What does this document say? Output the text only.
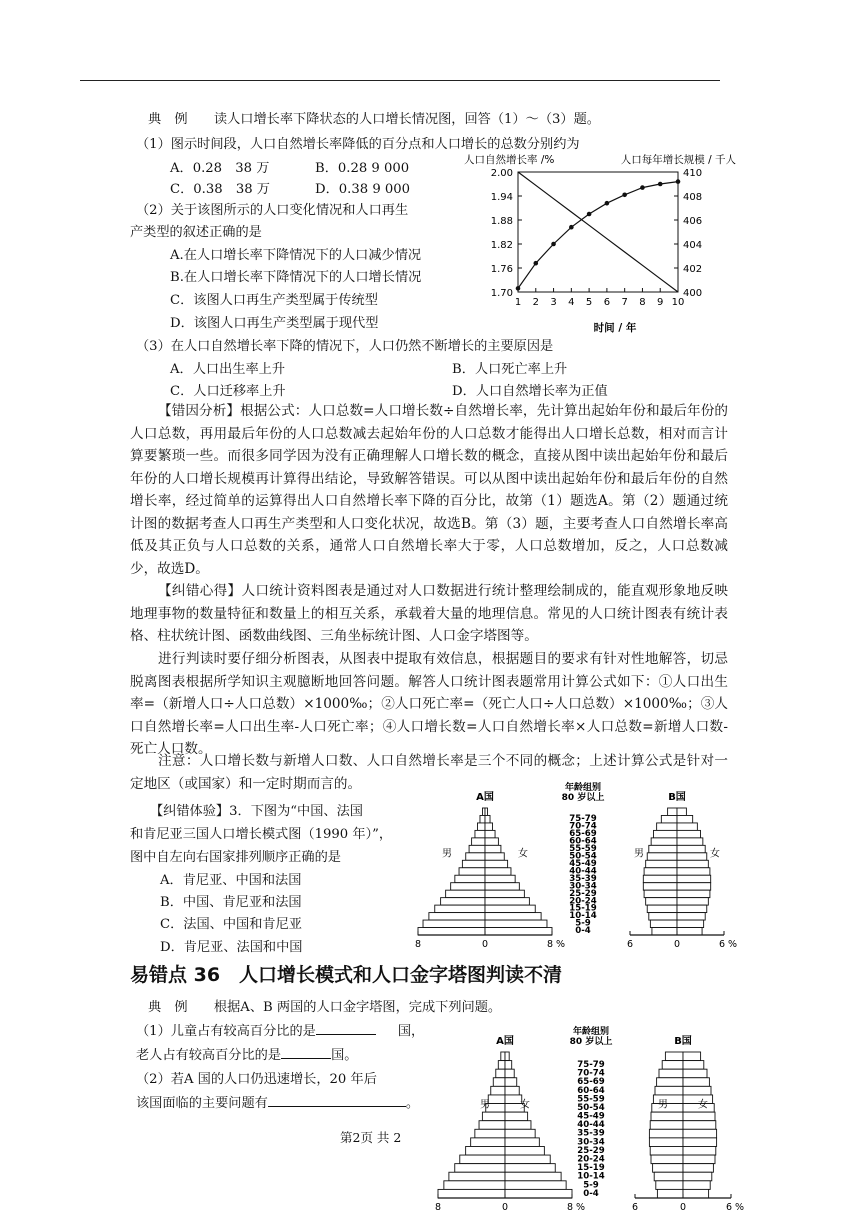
典　例　　读人口增长率下降状态的人口增长情况图，回答（1）～（3）题。
（1）图示时间段，人口自然增长率降低的百分点和人口增长的总数分别约为
A．0.28　38 万	B．0.28 9 000
C．0.38　38 万	D．0.38 9 000
（2）关于该图所示的人口变化情况和人口再生
产类型的叙述正确的是
A.在人口增长率下降情况下的人口减少情况
B.在人口增长率下降情况下的人口增长情况
C．该图人口再生产类型属于传统型
D．该图人口再生产类型属于现代型
（3）在人口自然增长率下降的情况下，人口仍然不断增长的主要原因是
A．人口出生率上升	B．人口死亡率上升
C．人口迁移率上升	D．人口自然增长率为正值
人口自然增长率 /%	人口每年增长规模 / 千人
时间 / 年
2.00
1.94
1.88
1.82
1.76
1.70
410
408
406
404
402
400
1 2 3 4 5 6 7 8 9 10
【错因分析】根据公式：人口总数=人口增长数÷自然增长率，先计算出起始年份和最后年份的人口总数，再用最后年份的人口总数减去起始年份的人口总数才能得出人口增长总数，相对而言计算要繁琐一些。而很多同学因为没有正确理解人口增长数的概念，直接从图中读出起始年份和最后年份的人口增长规模再计算得出结论，导致解答错误。可以从图中读出起始年份和最后年份的自然增长率，经过简单的运算得出人口自然增长率下降的百分比，故第（1）题选A。第（2）题通过统计图的数据考查人口再生产类型和人口变化状况，故选B。第（3）题，主要考查人口自然增长率高低及其正负与人口总数的关系，通常人口自然增长率大于零，人口总数增加，反之，人口总数减少，故选D。
【纠错心得】人口统计资料图表是通过对人口数据进行统计整理绘制成的，能直观形象地反映地理事物的数量特征和数量上的相互关系，承载着大量的地理信息。常见的人口统计图表有统计表格、柱状统计图、函数曲线图、三角坐标统计图、人口金字塔图等。
进行判读时要仔细分析图表，从图表中提取有效信息，根据题目的要求有针对性地解答，切忌脱离图表根据所学知识主观臆断地回答问题。解答人口统计图表题常用计算公式如下：①人口出生率=（新增人口÷人口总数）×1000‰；②人口死亡率=（死亡人口÷人口总数）×1000‰；③人口自然增长率=人口出生率-人口死亡率；④人口增长数=人口自然增长率×人口总数=新增人口数-死亡人口数。
注意：人口增长数与新增人口数、人口自然增长率是三个不同的概念；上述计算公式是针对一定地区（或国家）和一定时期而言的。
【纠错体验】3．下图为“中国、法国
和肯尼亚三国人口增长模式图（1990 年）”，
图中自左向右国家排列顺序正确的是
A．肯尼亚、中国和法国
B．中国、肯尼亚和法国
C．法国、中国和肯尼亚
D．肯尼亚、法国和中国
A国
8	0	8 %
男	女
B国
6	0	6 %
男	女
年龄组别
80 岁以上
75-79
70-74
65-69
60-64
55-59
50-54
45-49
40-44
35-39
30-34
25-29
20-24
15-19
10-14
5-9
0-4
易错点 36　人口增长模式和人口金字塔图判读不清
典　例　　根据A、B 两国的人口金字塔图，完成下列问题。
（1）儿童占有较高百分比的是	国，
老人占有较高百分比的是	国。
（2）若A 国的人口仍迅速增长，20 年后
该国面临的主要问题有	。
A国
8	0	8 %
男	女
B国
6	0	6 %
男	女
年龄组别
80 岁以上
75-79
70-74
65-69
60-64
55-59
50-54
45-49
40-44
35-39
30-34
25-29
20-24
15-19
10-14
5-9
0-4
第2页 共 2
